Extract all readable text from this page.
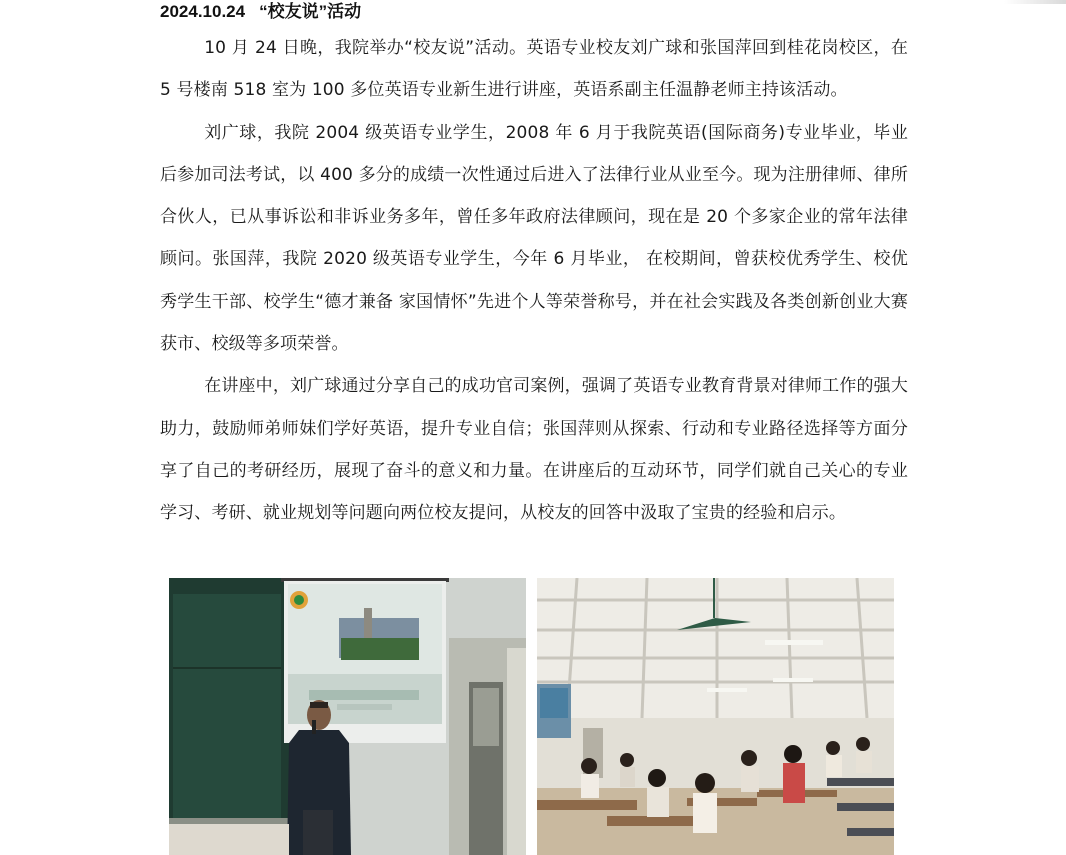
2024.10.24 “校友说”活动

10 月 24 日晚，我院举办“校友说”活动。英语专业校友刘广球和张国萍回到桂花岗校区，在 5 号楼南 518 室为 100 多位英语专业新生进行讲座，英语系副主任温静老师主持该活动。

刘广球，我院 2004 级英语专业学生，2008 年 6 月于我院英语(国际商务)专业毕业，毕业后参加司法考试，以 400 多分的成绩一次性通过后进入了法律行业从业至今。现为注册律师、律所合伙人，已从事诉讼和非诉业务多年，曾任多年政府法律顾问，现在是 20 个多家企业的常年法律顾问。张国萍，我院 2020 级英语专业学生，今年 6 月毕业， 在校期间，曾获校优秀学生、校优秀学生干部、校学生“德才兼备 家国情怀”先进个人等荣誉称号，并在社会实践及各类创新创业大赛获市、校级等多项荣誉。

在讲座中，刘广球通过分享自己的成功官司案例，强调了英语专业教育背景对律师工作的强大助力，鼓励师弟师妹们学好英语，提升专业自信；张国萍则从探索、行动和专业路径选择等方面分享了自己的考研经历，展现了奋斗的意义和力量。在讲座后的互动环节，同学们就自己关心的专业学习、考研、就业规划等问题向两位校友提问，从校友的回答中汲取了宝贵的经验和启示。
